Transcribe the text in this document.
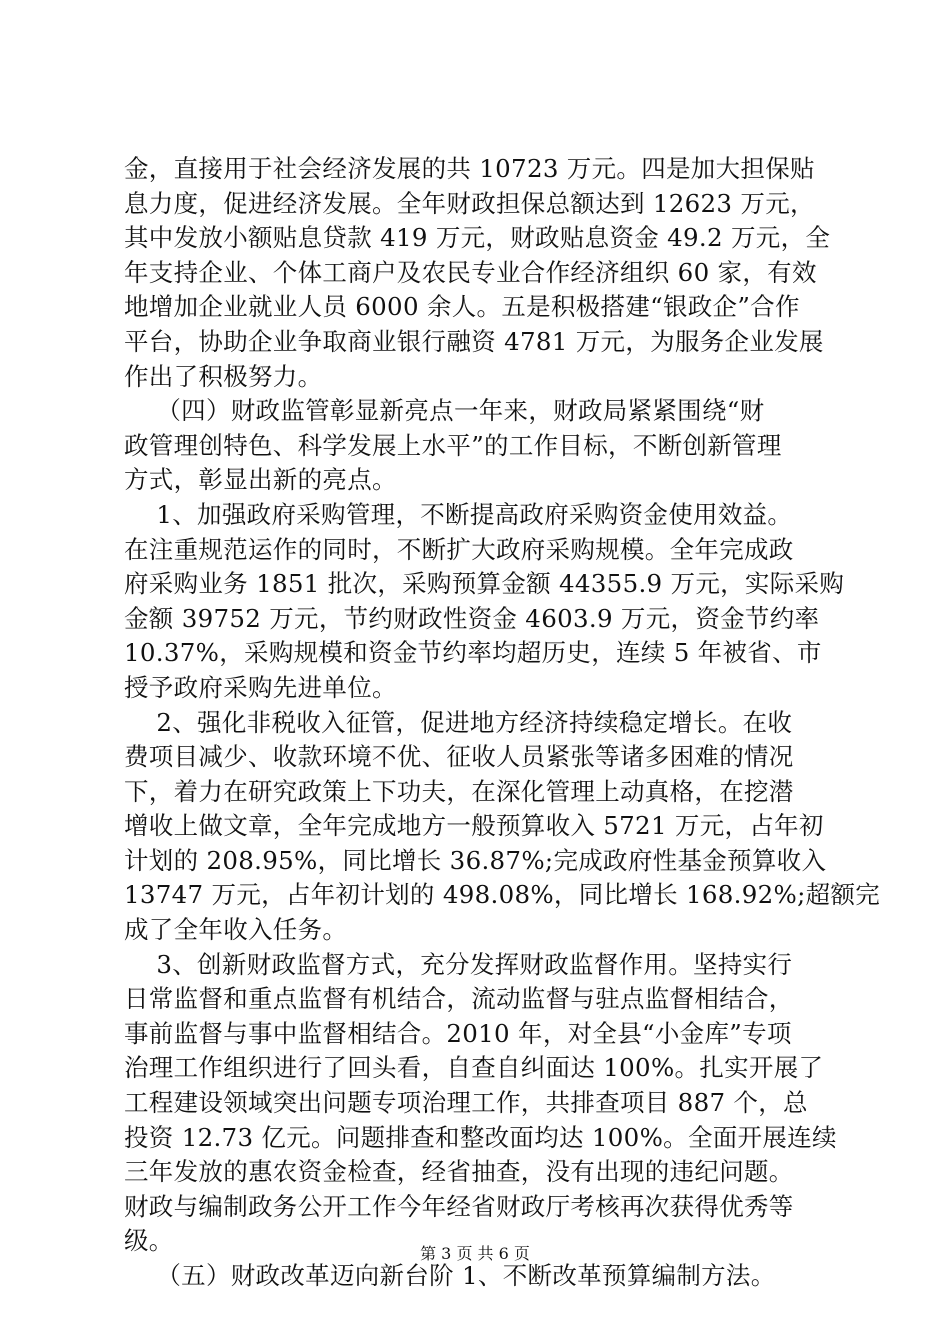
金，直接用于社会经济发展的共 10723 万元。四是加大担保贴
息力度，促进经济发展。全年财政担保总额达到 12623 万元，
其中发放小额贴息贷款 419 万元，财政贴息资金 49.2 万元，全
年支持企业、个体工商户及农民专业合作经济组织 60 家，有效
地增加企业就业人员 6000 余人。五是积极搭建“银政企”合作
平台，协助企业争取商业银行融资 4781 万元，为服务企业发展
作出了积极努力。
（四）财政监管彰显新亮点一年来，财政局紧紧围绕“财
政管理创特色、科学发展上水平”的工作目标，不断创新管理
方式，彰显出新的亮点。
1、加强政府采购管理，不断提高政府采购资金使用效益。
在注重规范运作的同时，不断扩大政府采购规模。全年完成政
府采购业务 1851 批次，采购预算金额 44355.9 万元，实际采购
金额 39752 万元，节约财政性资金 4603.9 万元，资金节约率
10.37%，采购规模和资金节约率均超历史，连续 5 年被省、市
授予政府采购先进单位。
2、强化非税收入征管，促进地方经济持续稳定增长。在收
费项目减少、收款环境不优、征收人员紧张等诸多困难的情况
下，着力在研究政策上下功夫，在深化管理上动真格，在挖潜
增收上做文章，全年完成地方一般预算收入 5721 万元，占年初
计划的 208.95%，同比增长 36.87%;完成政府性基金预算收入
13747 万元，占年初计划的 498.08%，同比增长 168.92%;超额完
成了全年收入任务。
3、创新财政监督方式，充分发挥财政监督作用。坚持实行
日常监督和重点监督有机结合，流动监督与驻点监督相结合，
事前监督与事中监督相结合。2010 年，对全县“小金库”专项
治理工作组织进行了回头看，自查自纠面达 100%。扎实开展了
工程建设领域突出问题专项治理工作，共排查项目 887 个，总
投资 12.73 亿元。问题排查和整改面均达 100%。全面开展连续
三年发放的惠农资金检查，经省抽查，没有出现的违纪问题。
财政与编制政务公开工作今年经省财政厅考核再次获得优秀等
级。
（五）财政改革迈向新台阶 1、不断改革预算编制方法。
第 3 页 共 6 页
